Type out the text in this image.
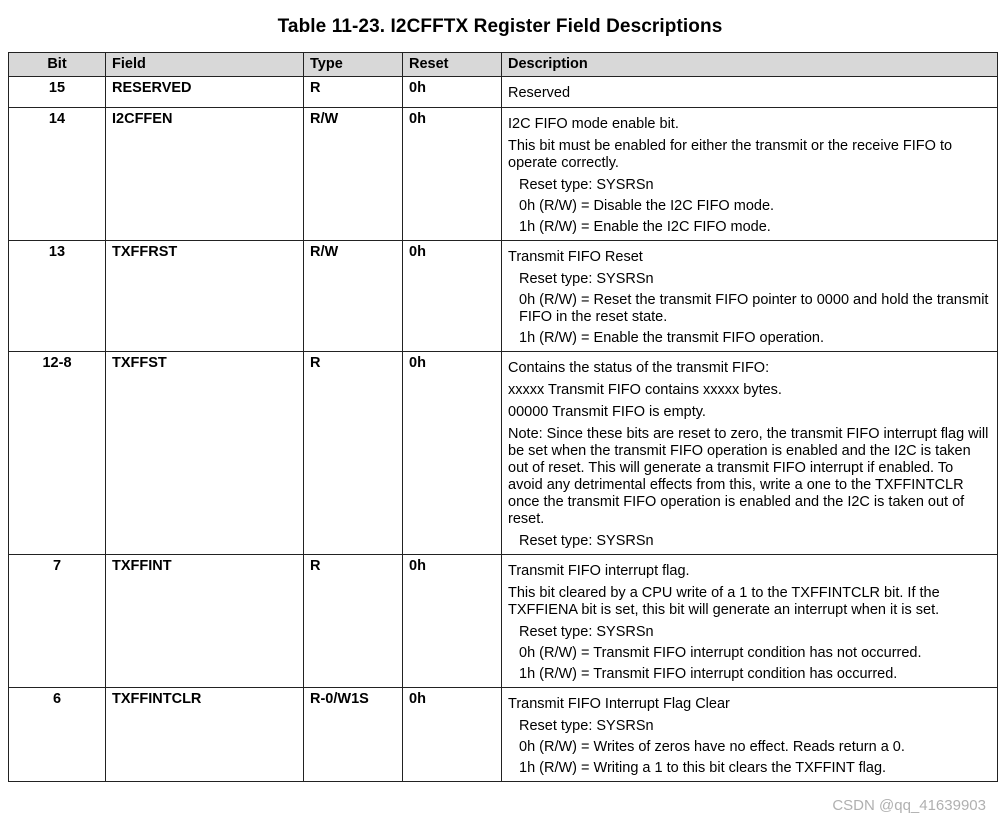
Table 11-23. I2CFFTX Register Field Descriptions
Bit	Field	Type	Reset	Description
15	RESERVED	R	0h	Reserved

14	I2CFFEN	R/W	0h	I2C FIFO mode enable bit.

This bit must be enabled for either the transmit or the receive FIFO to operate correctly.

Reset type: SYSRSn

0h (R/W) = Disable the I2C FIFO mode.

1h (R/W) = Enable the I2C FIFO mode.

13	TXFFRST	R/W	0h	Transmit FIFO Reset

Reset type: SYSRSn

0h (R/W) = Reset the transmit FIFO pointer to 0000 and hold the transmit FIFO in the reset state.

1h (R/W) = Enable the transmit FIFO operation.

12-8	TXFFST	R	0h	Contains the status of the transmit FIFO:

xxxxx Transmit FIFO contains xxxxx bytes.

00000 Transmit FIFO is empty.

Note: Since these bits are reset to zero, the transmit FIFO interrupt flag will be set when the transmit FIFO operation is enabled and the I2C is taken out of reset. This will generate a transmit FIFO interrupt if enabled. To avoid any detrimental effects from this, write a one to the TXFFINTCLR once the transmit FIFO operation is enabled and the I2C is taken out of reset.

Reset type: SYSRSn

7	TXFFINT	R	0h	Transmit FIFO interrupt flag.

This bit cleared by a CPU write of a 1 to the TXFFINTCLR bit. If the TXFFIENA bit is set, this bit will generate an interrupt when it is set.

Reset type: SYSRSn

0h (R/W) = Transmit FIFO interrupt condition has not occurred.

1h (R/W) = Transmit FIFO interrupt condition has occurred.

6	TXFFINTCLR	R-0/W1S	0h	Transmit FIFO Interrupt Flag Clear

Reset type: SYSRSn

0h (R/W) = Writes of zeros have no effect. Reads return a 0.

1h (R/W) = Writing a 1 to this bit clears the TXFFINT flag.

CSDN @qq_41639903
